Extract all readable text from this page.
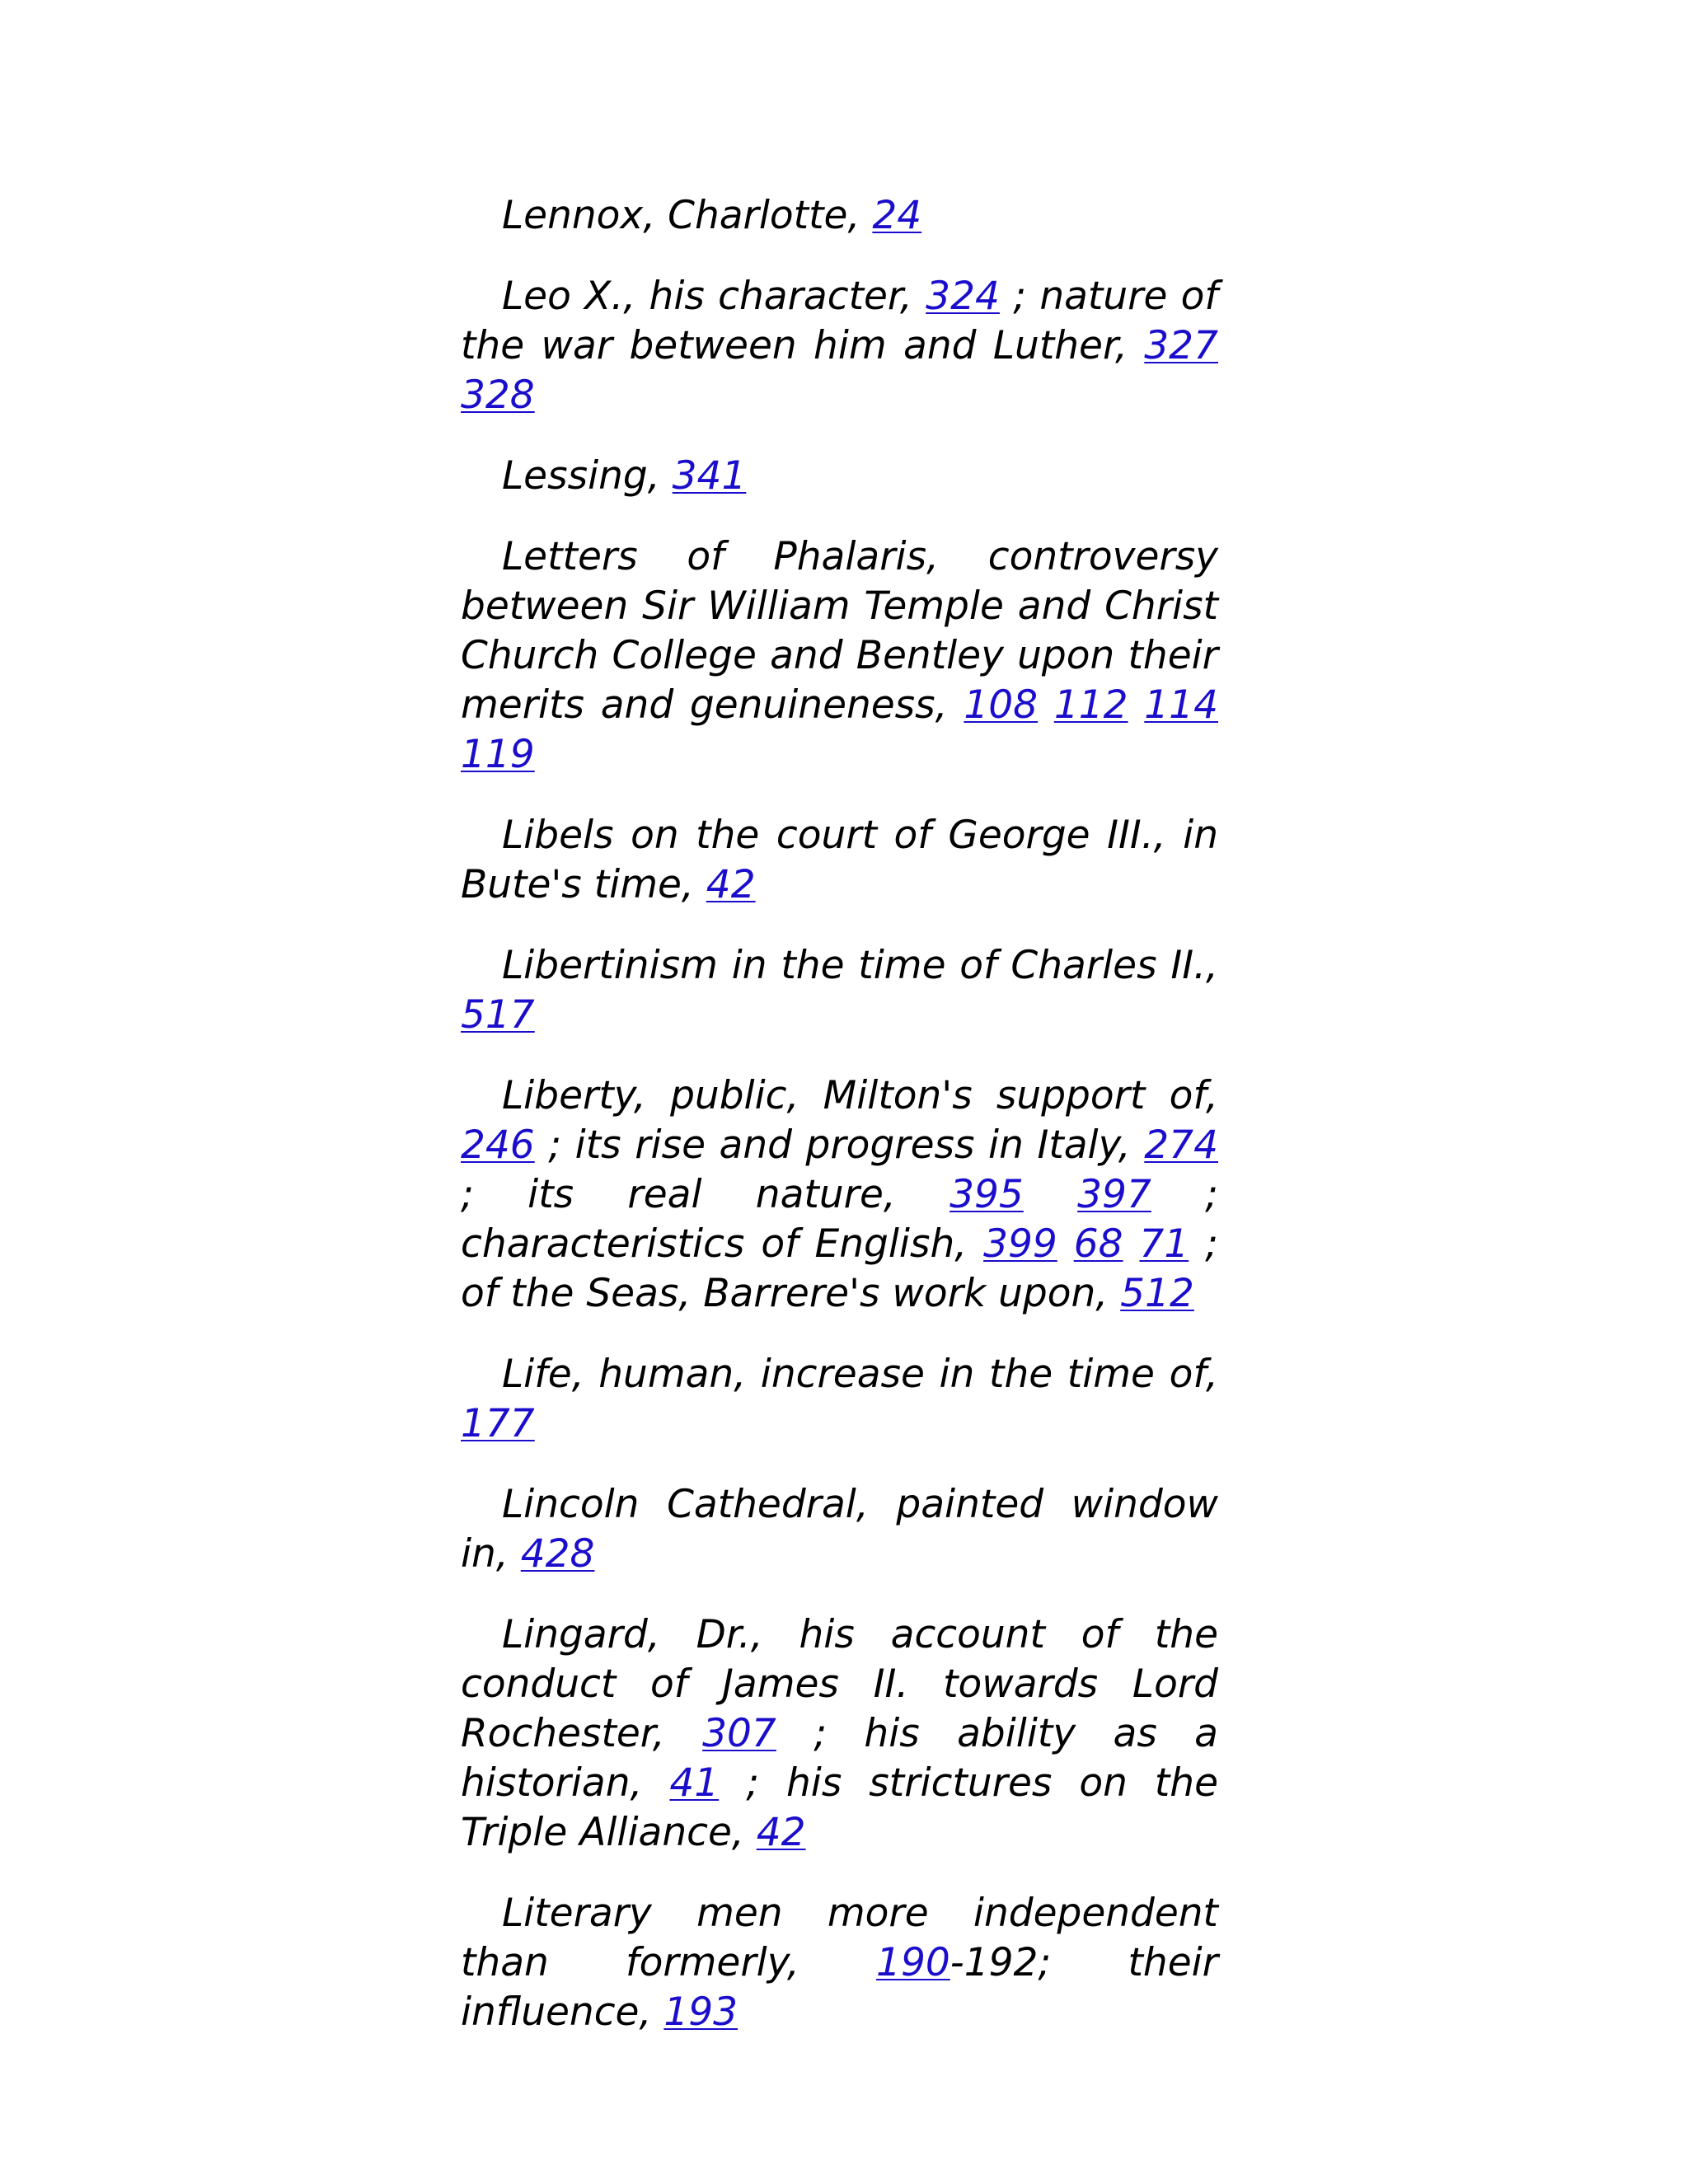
Lennox, Charlotte, 24

Leo X., his character, 324 ; nature of the war between him and Luther, 327 328

Lessing, 341

Letters of Phalaris, controversy between Sir William Temple and Christ Church College and Bentley upon their merits and genuineness, 108 112 114 119

Libels on the court of George III., in Bute's time, 42

Libertinism in the time of Charles II., 517

Liberty, public, Milton's support of, 246 ; its rise and progress in Italy, 274 ; its real nature, 395 397 ; characteristics of English, 399 68 71 ; of the Seas, Barrere's work upon, 512

Life, human, increase in the time of, 177

Lincoln Cathedral, painted window in, 428

Lingard, Dr., his account of the conduct of James II. towards Lord Rochester, 307 ; his ability as a historian, 41 ; his strictures on the Triple Alliance, 42

Literary men more independent than formerly, 190-192; their influence, 193
